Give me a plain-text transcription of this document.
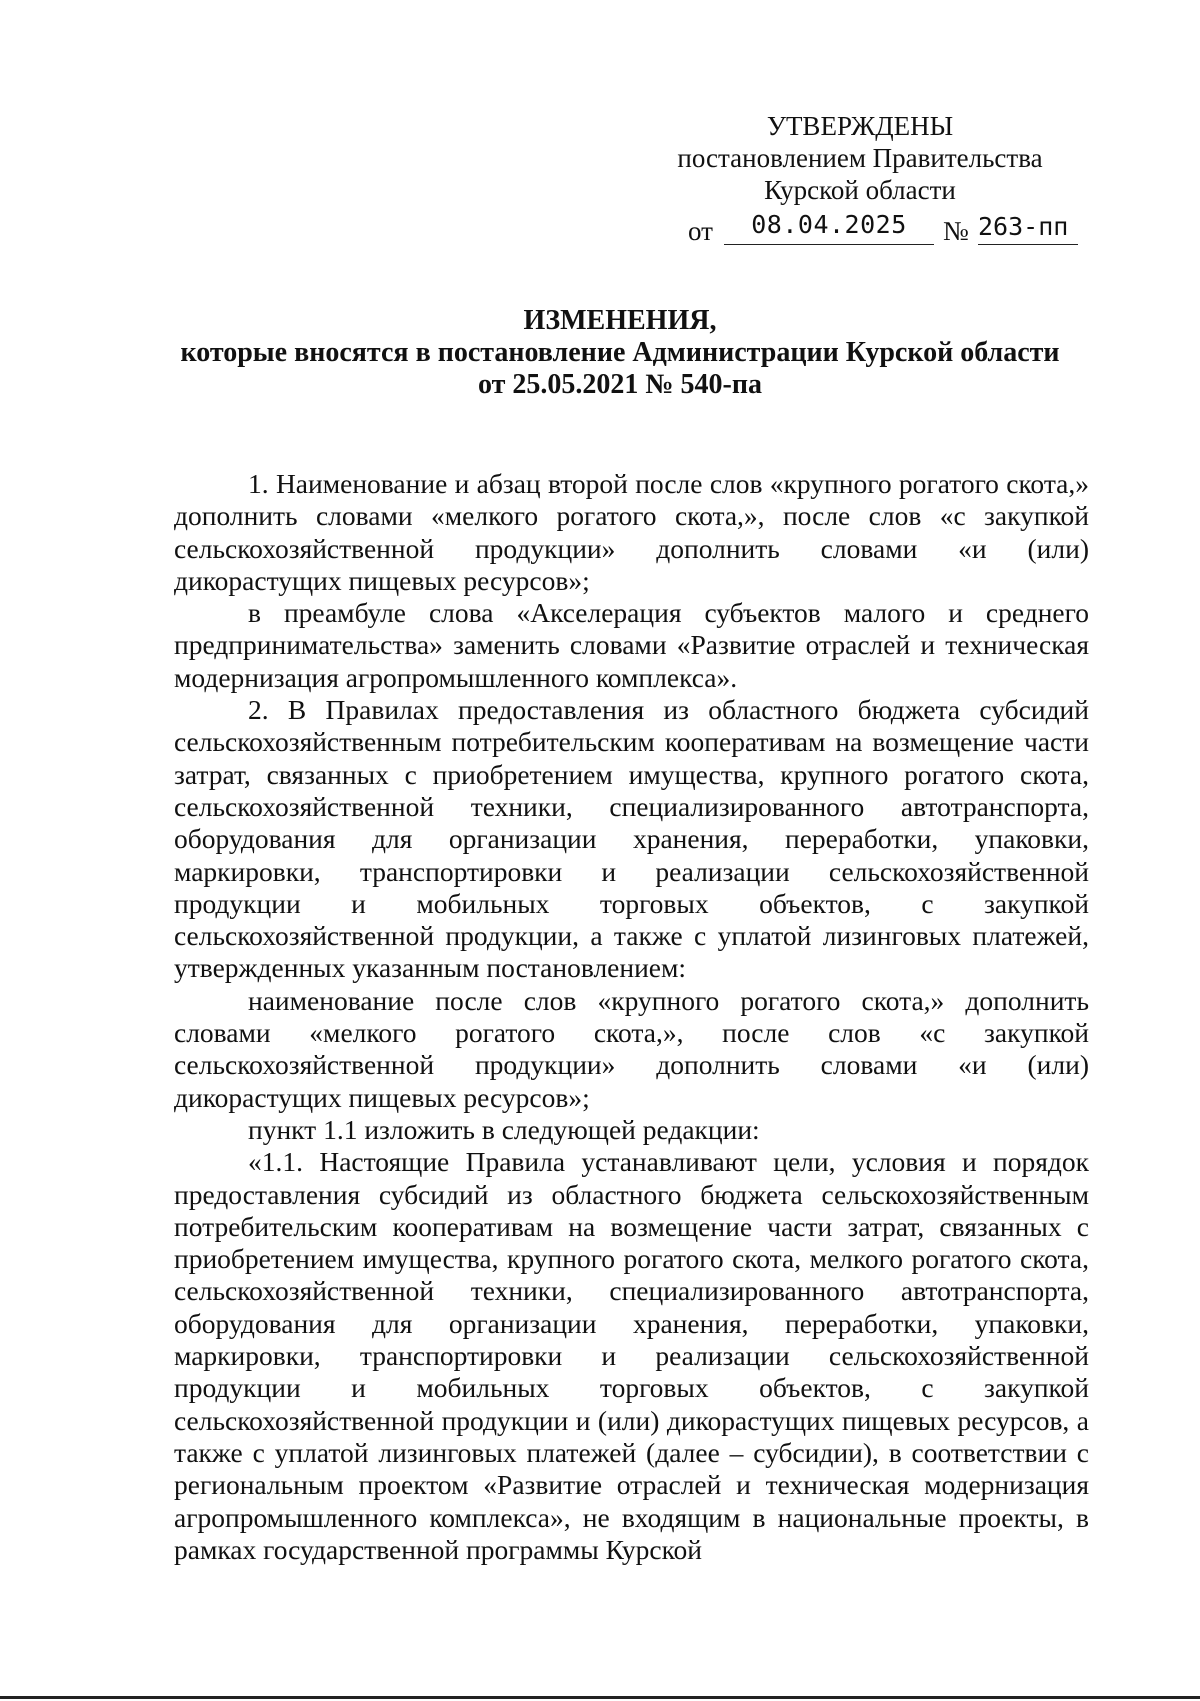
УТВЕРЖДЕНЫ
постановлением Правительства
Курской области
от	08.04.2025	№ 263-пп
ИЗМЕНЕНИЯ,
которые вносятся в постановление Администрации Курской области
от 25.05.2021 № 540-па

1. Наименование и абзац второй после слов «крупного рогатого скота,» дополнить словами «мелкого рогатого скота,», после слов «с закупкой сельскохозяйственной продукции» дополнить словами «и (или) дикорастущих пищевых ресурсов»;

в преамбуле слова «Акселерация субъектов малого и среднего предпринимательства» заменить словами «Развитие отраслей и техническая модернизация агропромышленного комплекса».

2. В Правилах предоставления из областного бюджета субсидий сельскохозяйственным потребительским кооперативам на возмещение части затрат, связанных с приобретением имущества, крупного рогатого скота, сельскохозяйственной техники, специализированного автотранспорта, оборудования для организации хранения, переработки, упаковки, маркировки, транспортировки и реализации сельскохозяйственной продукции и мобильных торговых объектов, с закупкой сельскохозяйственной продукции, а также с уплатой лизинговых платежей, утвержденных указанным постановлением:

наименование после слов «крупного рогатого скота,» дополнить словами «мелкого рогатого скота,», после слов «с закупкой сельскохозяйственной продукции» дополнить словами «и (или) дикорастущих пищевых ресурсов»;

пункт 1.1 изложить в следующей редакции:

«1.1. Настоящие Правила устанавливают цели, условия и порядок предоставления субсидий из областного бюджета сельскохозяйственным потребительским кооперативам на возмещение части затрат, связанных с приобретением имущества, крупного рогатого скота, мелкого рогатого скота, сельскохозяйственной техники, специализированного автотранспорта, оборудования для организации хранения, переработки, упаковки, маркировки, транспортировки и реализации сельскохозяйственной продукции и мобильных торговых объектов, с закупкой сельскохозяйственной продукции и (или) дикорастущих пищевых ресурсов, а также с уплатой лизинговых платежей (далее – субсидии), в соответствии с региональным проектом «Развитие отраслей и техническая модернизация агропромышленного комплекса», не входящим в национальные проекты, в рамках государственной программы Курской
